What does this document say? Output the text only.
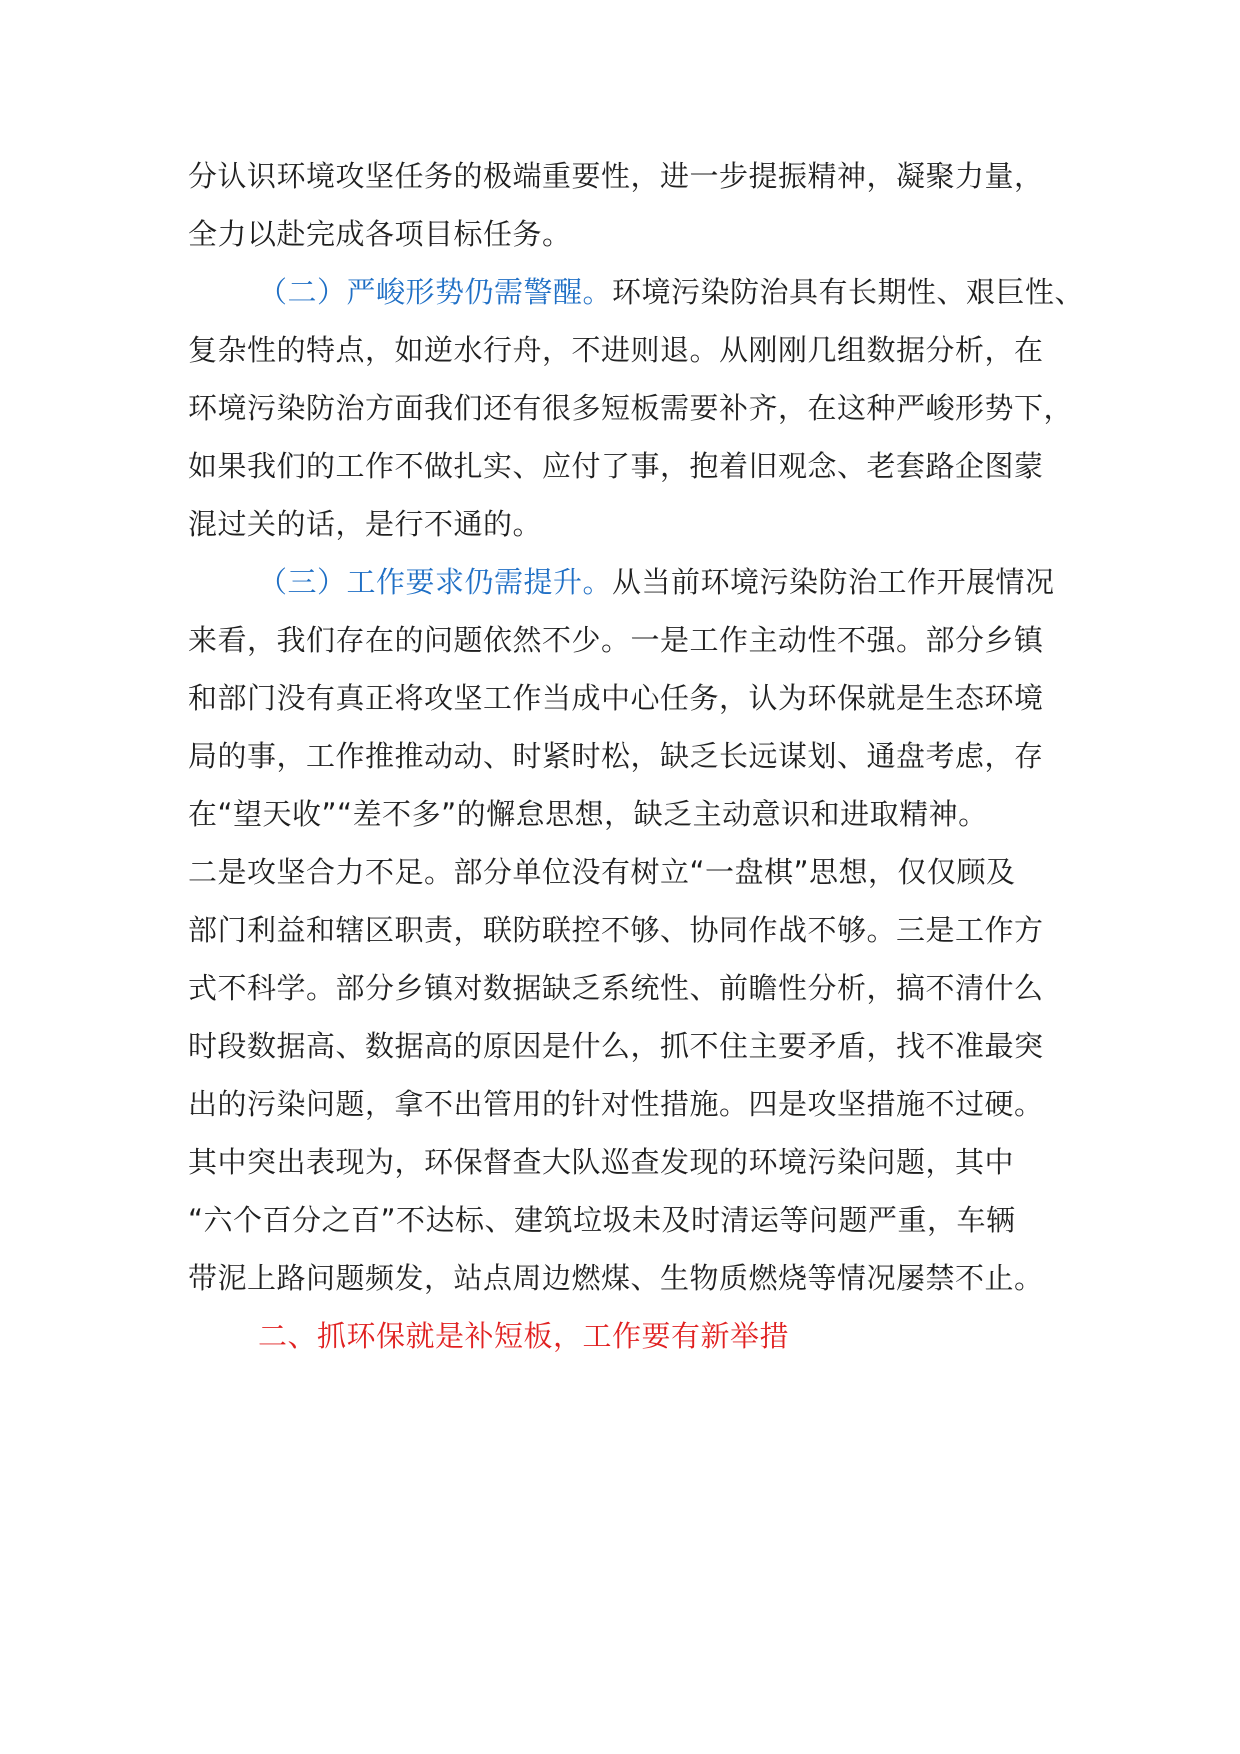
分认识环境攻坚任务的极端重要性，进一步提振精神，凝聚力量，
全力以赴完成各项目标任务。
（二）严峻形势仍需警醒。环境污染防治具有长期性、艰巨性、
复杂性的特点，如逆水行舟，不进则退。从刚刚几组数据分析，在
环境污染防治方面我们还有很多短板需要补齐，在这种严峻形势下，
如果我们的工作不做扎实、应付了事，抱着旧观念、老套路企图蒙
混过关的话，是行不通的。
（三）工作要求仍需提升。从当前环境污染防治工作开展情况
来看，我们存在的问题依然不少。一是工作主动性不强。部分乡镇
和部门没有真正将攻坚工作当成中心任务，认为环保就是生态环境
局的事，工作推推动动、时紧时松，缺乏长远谋划、通盘考虑，存
在“望天收”“差不多”的懈怠思想，缺乏主动意识和进取精神。
二是攻坚合力不足。部分单位没有树立“一盘棋”思想，仅仅顾及
部门利益和辖区职责，联防联控不够、协同作战不够。三是工作方
式不科学。部分乡镇对数据缺乏系统性、前瞻性分析，搞不清什么
时段数据高、数据高的原因是什么，抓不住主要矛盾，找不准最突
出的污染问题，拿不出管用的针对性措施。四是攻坚措施不过硬。
其中突出表现为，环保督查大队巡查发现的环境污染问题，其中
“六个百分之百”不达标、建筑垃圾未及时清运等问题严重，车辆
带泥上路问题频发，站点周边燃煤、生物质燃烧等情况屡禁不止。
二、抓环保就是补短板，工作要有新举措
